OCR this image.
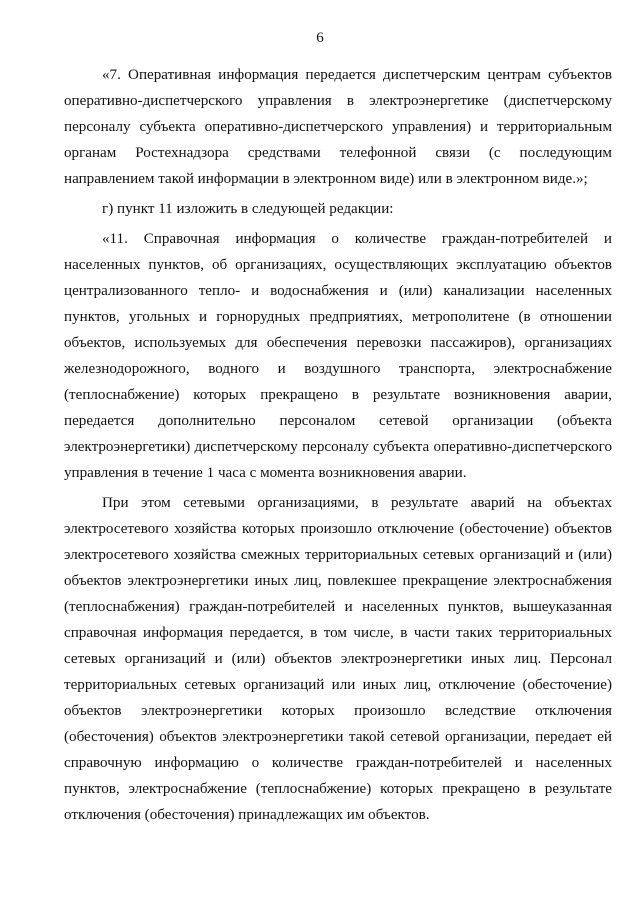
6

«7. Оперативная информация передается диспетчерским центрам субъектов оперативно-диспетчерского управления в электроэнергетике (диспетчерскому персоналу субъекта оперативно-диспетчерского управления) и территориальным органам Ростехнадзора средствами телефонной связи (с последующим направлением такой информации в электронном виде) или в электронном виде.»;

г) пункт 11 изложить в следующей редакции:

«11. Справочная информация о количестве граждан-потребителей и населенных пунктов, об организациях, осуществляющих эксплуатацию объектов централизованного тепло- и водоснабжения и (или) канализации населенных пунктов, угольных и горнорудных предприятиях, метрополитене (в отношении объектов, используемых для обеспечения перевозки пассажиров), организациях железнодорожного, водного и воздушного транспорта, электроснабжение (теплоснабжение) которых прекращено в результате возникновения аварии, передается дополнительно персоналом сетевой организации (объекта электроэнергетики) диспетчерскому персоналу субъекта оперативно-диспетчерского управления в течение 1 часа с момента возникновения аварии.

При этом сетевыми организациями, в результате аварий на объектах электросетевого хозяйства которых произошло отключение (обесточение) объектов электросетевого хозяйства смежных территориальных сетевых организаций и (или) объектов электроэнергетики иных лиц, повлекшее прекращение электроснабжения (теплоснабжения) граждан-потребителей и населенных пунктов, вышеуказанная справочная информация передается, в том числе, в части таких территориальных сетевых организаций и (или) объектов электроэнергетики иных лиц. Персонал территориальных сетевых организаций или иных лиц, отключение (обесточение) объектов электроэнергетики которых произошло вследствие отключения (обесточения) объектов электроэнергетики такой сетевой организации, передает ей справочную информацию о количестве граждан-потребителей и населенных пунктов, электроснабжение (теплоснабжение) которых прекращено в результате отключения (обесточения) принадлежащих им объектов.
